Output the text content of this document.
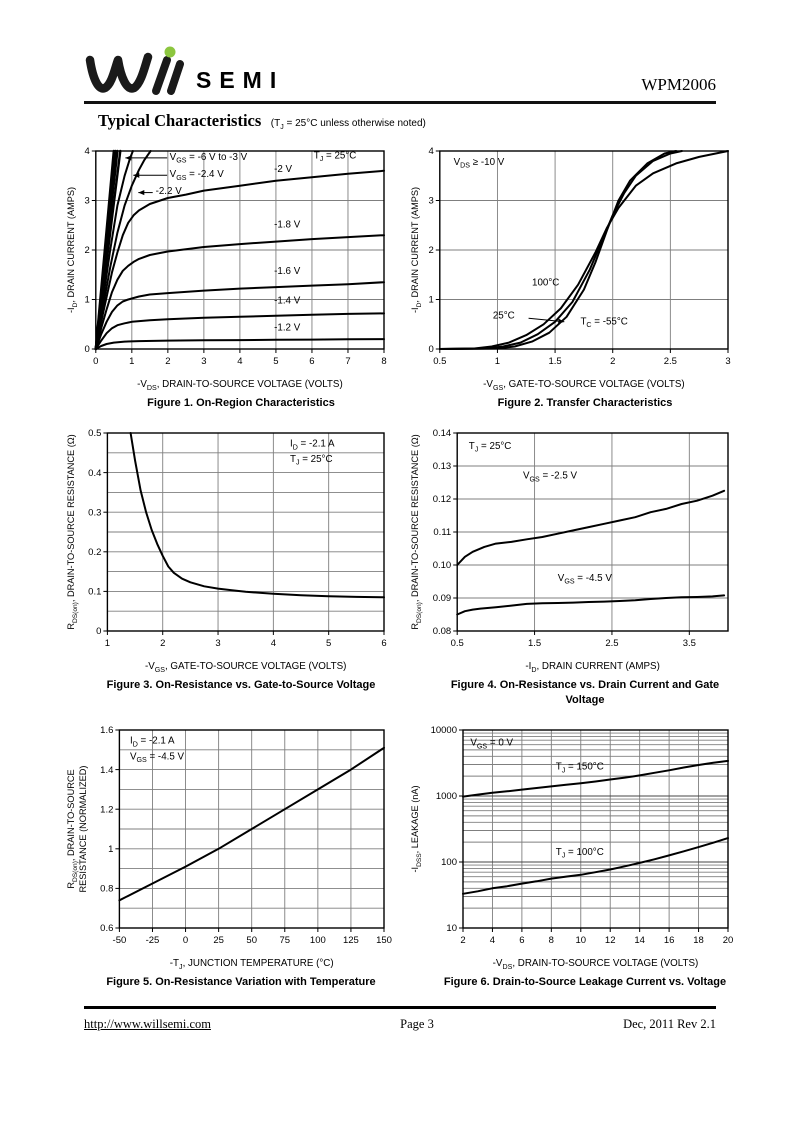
SEMI	WPM2006
Typical Characteristics ($T_J = 25^\circ C$ unless otherwise noted)
0	1	2	3	4	5	6	7	8
0
1
2
3
4
$-V_{DS}$, DRAIN-TO-SOURCE VOLTAGE (VOLTS)
$-I_D$, DRAIN CURRENT (AMPS)
$V_{GS} = -6$ V to -3 V
$V_{GS} = -2.4$ V
-2.2 V
$T_J = 25^\circ C$
-2 V
-1.8 V
-1.6 V
-1.4 V
-1.2 V
Figure 1. On-Region Characteristics
0.5	1	1.5	2	2.5	3
0
1
2
3
4
$-V_{GS}$, GATE-TO-SOURCE VOLTAGE (VOLTS)
$-I_D$, DRAIN CURRENT (AMPS)
$V_{DS} \ge -10$ V
100°C
25°C
$T_C = -55^\circ C$
Figure 2. Transfer Characteristics
1	2	3	4	5	6
0
0.1
0.2
0.3
0.4
0.5
$-V_{GS}$, GATE-TO-SOURCE VOLTAGE (VOLTS)
$R_{DS(on)}$, DRAIN-TO-SOURCE RESISTANCE (Ω)	$I_D = -2.1$ A
$T_J = 25^\circ C$
Figure 3. On-Resistance vs. Gate-to-Source Voltage
0.5	1.5	2.5	3.5
0.08
0.09
0.10
0.11
0.12
0.13
0.14
$-I_D$, DRAIN CURRENT (AMPS)
$R_{DS(on)}$, DRAIN-TO-SOURCE RESISTANCE (Ω)	$T_J = 25^\circ C$
$V_{GS} = -2.5$ V
$V_{GS} = -4.5$ V
Figure 4. On-Resistance vs. Drain Current and Gate Voltage
-50 -25 0	25 50 75 100 125 150
0.6
0.8
1
1.2
1.4
1.6
$-T_J$, JUNCTION TEMPERATURE (°C)
$R_{DS(on)}$, DRAIN-TO-SOURCE RESISTANCE (NORMALIZED)
$I_D = -2.1$ A
$V_{GS} = -4.5$ V
Figure 5. On-Resistance Variation with Temperature
2	4	6	8 10 12 14 16 18 20
10
100
1000
10000
$-V_{DS}$, DRAIN-TO-SOURCE VOLTAGE (VOLTS)
$-I_{DSS}$, LEAKAGE (nA)
$V_{GS} = 0$ V
$T_J = 150^\circ C$
$T_J = 100^\circ C$
Figure 6. Drain-to-Source Leakage Current vs. Voltage
http://www.willsemi.com	Page 3	Dec, 2011 Rev 2.1
